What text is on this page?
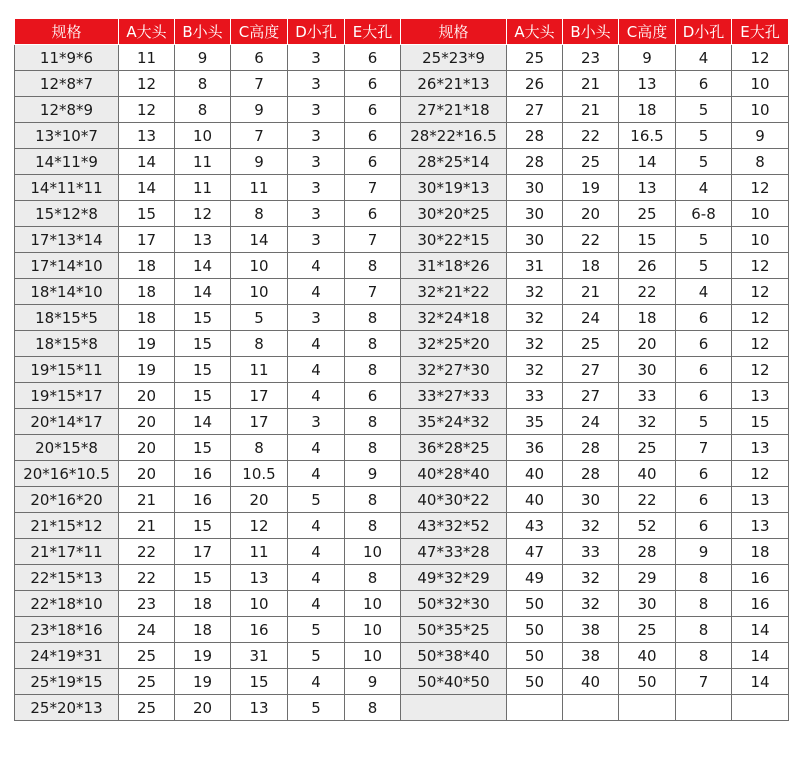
规格	A大头	B小头	C高度	D小孔	E大孔	规格	A大头	B小头	C高度	D小孔	E大孔
11*9*6	11	9	6	3	6	25*23*9	25	23	9	4	12
12*8*7	12	8	7	3	6	26*21*13	26	21	13	6	10
12*8*9	12	8	9	3	6	27*21*18	27	21	18	5	10
13*10*7	13	10	7	3	6	28*22*16.5	28	22	16.5	5	9
14*11*9	14	11	9	3	6	28*25*14	28	25	14	5	8
14*11*11	14	11	11	3	7	30*19*13	30	19	13	4	12
15*12*8	15	12	8	3	6	30*20*25	30	20	25	6-8	10
17*13*14	17	13	14	3	7	30*22*15	30	22	15	5	10
17*14*10	18	14	10	4	8	31*18*26	31	18	26	5	12
18*14*10	18	14	10	4	7	32*21*22	32	21	22	4	12
18*15*5	18	15	5	3	8	32*24*18	32	24	18	6	12
18*15*8	19	15	8	4	8	32*25*20	32	25	20	6	12
19*15*11	19	15	11	4	8	32*27*30	32	27	30	6	12
19*15*17	20	15	17	4	6	33*27*33	33	27	33	6	13
20*14*17	20	14	17	3	8	35*24*32	35	24	32	5	15
20*15*8	20	15	8	4	8	36*28*25	36	28	25	7	13
20*16*10.5	20	16	10.5	4	9	40*28*40	40	28	40	6	12
20*16*20	21	16	20	5	8	40*30*22	40	30	22	6	13
21*15*12	21	15	12	4	8	43*32*52	43	32	52	6	13
21*17*11	22	17	11	4	10	47*33*28	47	33	28	9	18
22*15*13	22	15	13	4	8	49*32*29	49	32	29	8	16
22*18*10	23	18	10	4	10	50*32*30	50	32	30	8	16
23*18*16	24	18	16	5	10	50*35*25	50	38	25	8	14
24*19*31	25	19	31	5	10	50*38*40	50	38	40	8	14
25*19*15	25	19	15	4	9	50*40*50	50	40	50	7	14
25*20*13	25	20	13	5	8						
